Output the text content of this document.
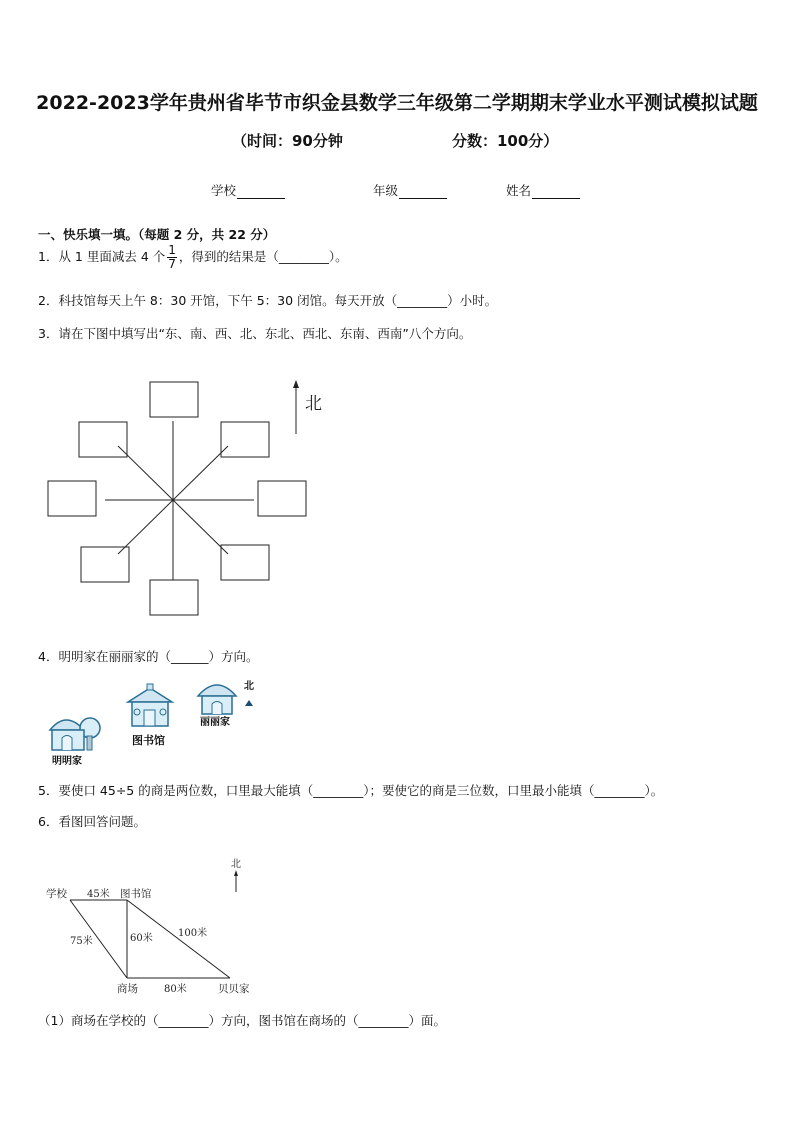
2022-2023学年贵州省毕节市织金县数学三年级第二学期期末学业水平测试模拟试题
（时间：90分钟	分数：100分）
学校	年级	姓名
一、快乐填一填。（每题 2 分，共 22 分）
1．从 1 里面减去 4 个 $\frac{1}{7}$ ，得到的结果是（________）。
2．科技馆每天上午 8：30 开馆，下午 5：30 闭馆。每天开放（________）小时。
3．请在下图中填写出“东、南、西、北、东北、西北、东南、西南”八个方向。
北
4．明明家在丽丽家的（______）方向。
图书馆
丽丽家
北
明明家
5．要使口 45÷5 的商是两位数，口里最大能填（________）；要使它的商是三位数，口里最小能填（________）。
6．看图回答问题。
北
学校	图书馆
商场	贝贝家
45米
75米	60米	100米
80米
（1）商场在学校的（________）方向，图书馆在商场的（________）面。
